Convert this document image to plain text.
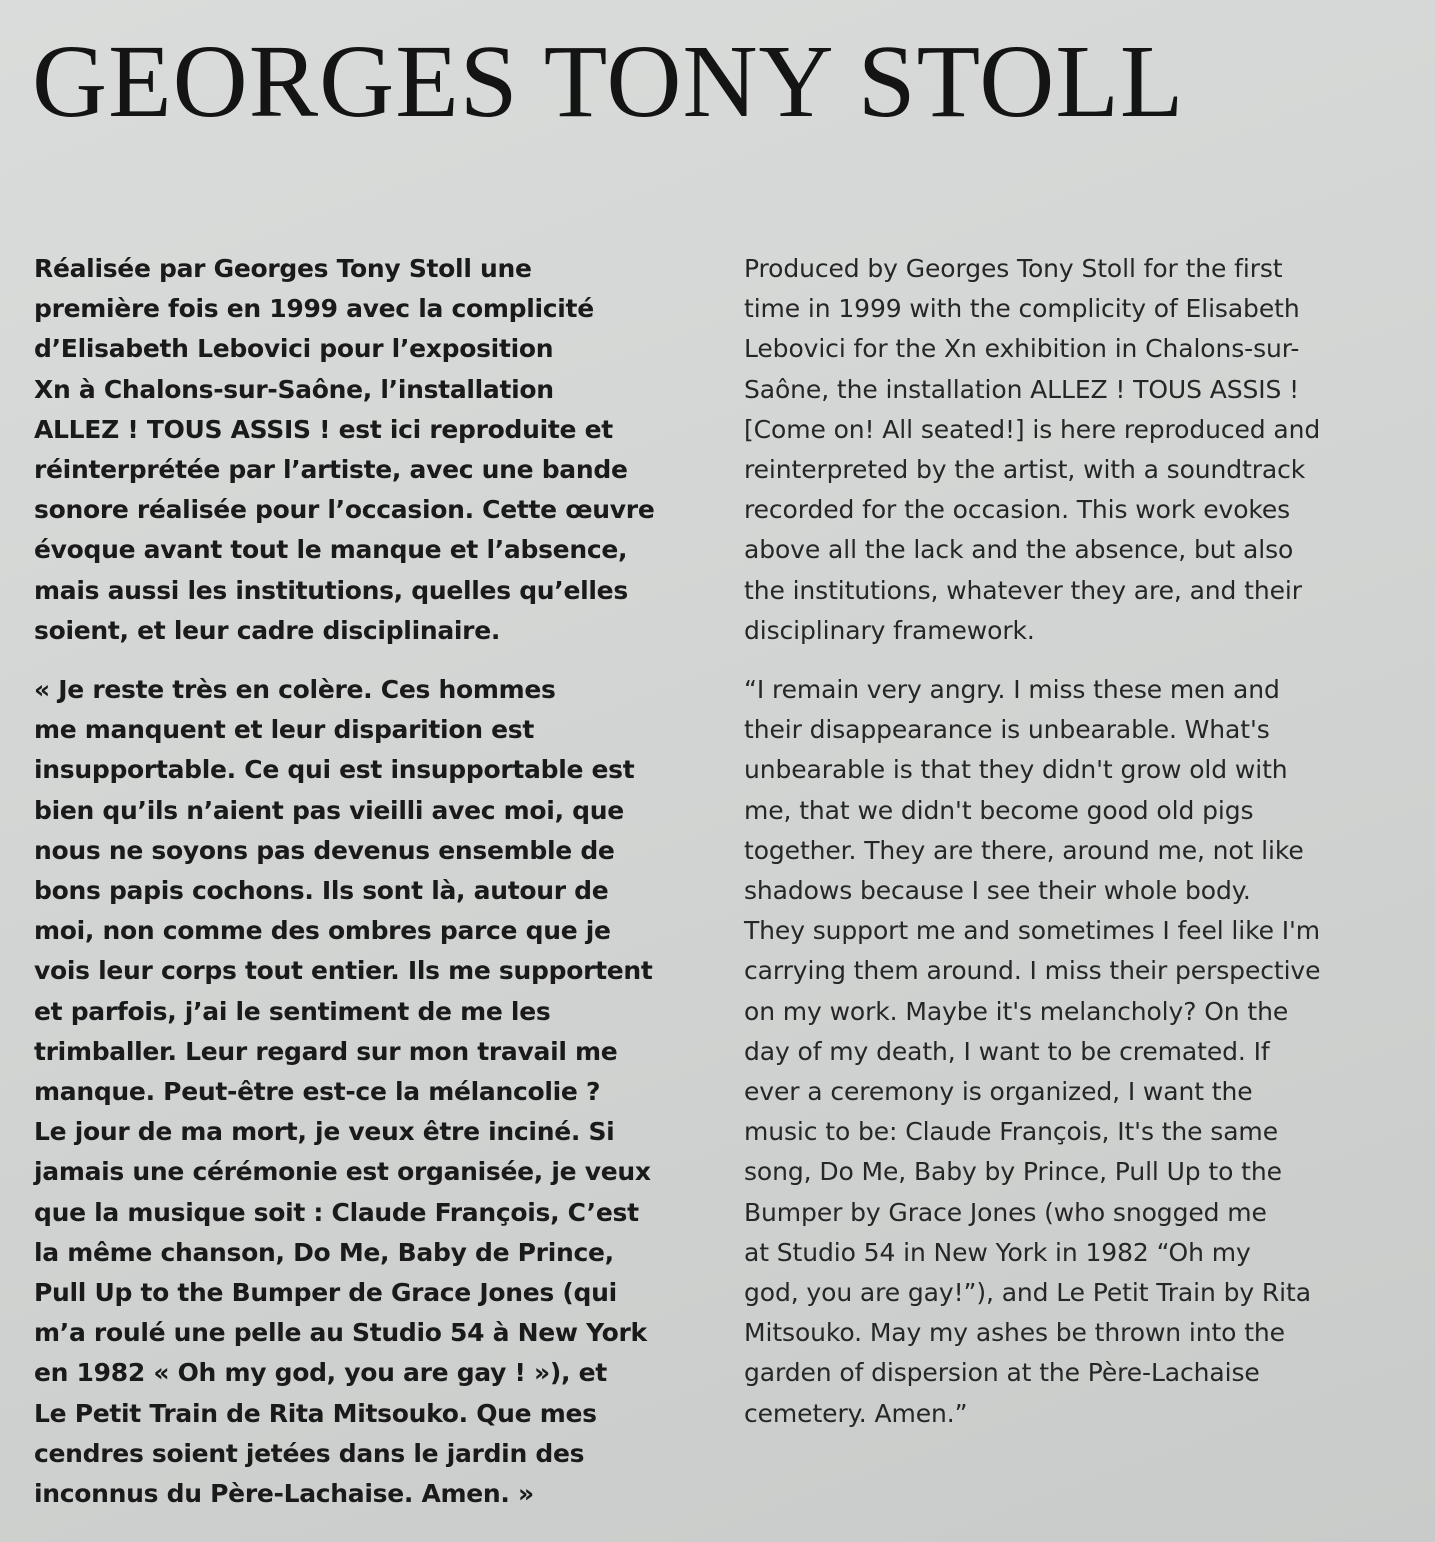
GEORGES TONY STOLL

Réalisée par Georges Tony Stoll une
première fois en 1999 avec la complicité
d’Elisabeth Lebovici pour l’exposition
Xn à Chalons-sur-Saône, l’installation
ALLEZ ! TOUS ASSIS ! est ici reproduite et
réinterprétée par l’artiste, avec une bande
sonore réalisée pour l’occasion. Cette œuvre
évoque avant tout le manque et l’absence,
mais aussi les institutions, quelles qu’elles
soient, et leur cadre disciplinaire.

« Je reste très en colère. Ces hommes
me manquent et leur disparition est
insupportable. Ce qui est insupportable est
bien qu’ils n’aient pas vieilli avec moi, que
nous ne soyons pas devenus ensemble de
bons papis cochons. Ils sont là, autour de
moi, non comme des ombres parce que je
vois leur corps tout entier. Ils me supportent
et parfois, j’ai le sentiment de me les
trimballer. Leur regard sur mon travail me
manque. Peut-être est-ce la mélancolie ?
Le jour de ma mort, je veux être inciné. Si
jamais une cérémonie est organisée, je veux
que la musique soit : Claude François, C’est
la même chanson, Do Me, Baby de Prince,
Pull Up to the Bumper de Grace Jones (qui
m’a roulé une pelle au Studio 54 à New York
en 1982 « Oh my god, you are gay ! »), et
Le Petit Train de Rita Mitsouko. Que mes
cendres soient jetées dans le jardin des
inconnus du Père-Lachaise. Amen. »

Produced by Georges Tony Stoll for the first
time in 1999 with the complicity of Elisabeth
Lebovici for the Xn exhibition in Chalons-sur-
Saône, the installation ALLEZ ! TOUS ASSIS !
[Come on! All seated!] is here reproduced and
reinterpreted by the artist, with a soundtrack
recorded for the occasion. This work evokes
above all the lack and the absence, but also
the institutions, whatever they are, and their
disciplinary framework.

“I remain very angry. I miss these men and
their disappearance is unbearable. What's
unbearable is that they didn't grow old with
me, that we didn't become good old pigs
together. They are there, around me, not like
shadows because I see their whole body.
They support me and sometimes I feel like I'm
carrying them around. I miss their perspective
on my work. Maybe it's melancholy? On the
day of my death, I want to be cremated. If
ever a ceremony is organized, I want the
music to be: Claude François, It's the same
song, Do Me, Baby by Prince, Pull Up to the
Bumper by Grace Jones (who snogged me
at Studio 54 in New York in 1982 “Oh my
god, you are gay!”), and Le Petit Train by Rita
Mitsouko. May my ashes be thrown into the
garden of dispersion at the Père-Lachaise
cemetery. Amen.”
